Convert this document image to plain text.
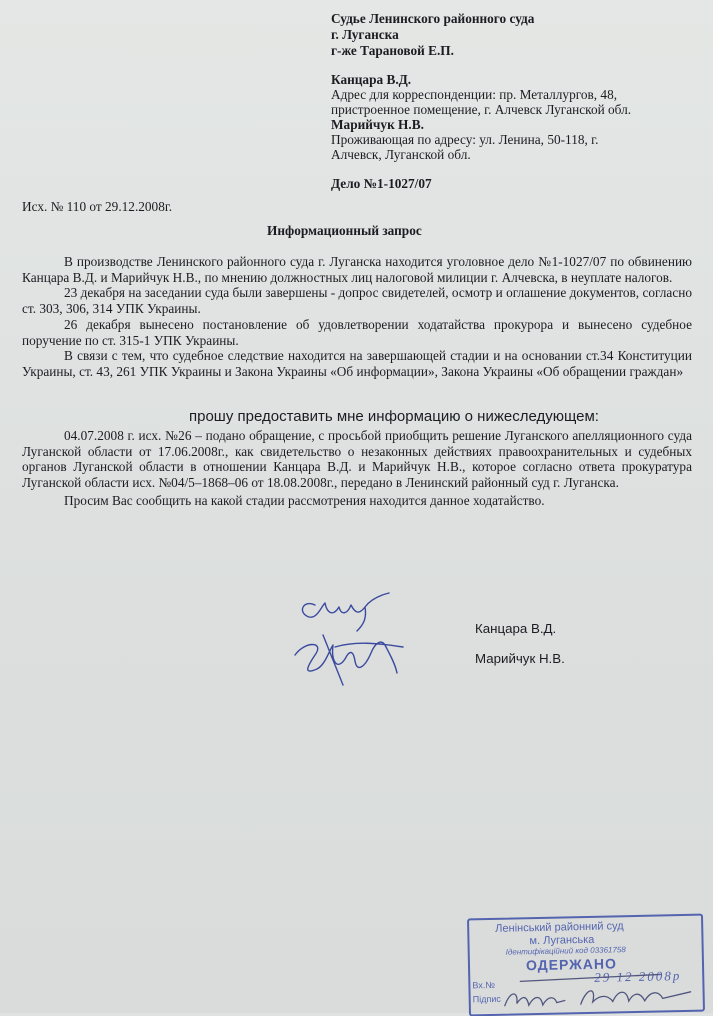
Судье Ленинского районного суда
г. Луганска
г-же Тарановой Е.П.
Канцара В.Д.
Адрес для корреспонденции: пр. Металлургов, 48,
пристроенное помещение, г. Алчевск Луганской обл.
Марийчук Н.В.
Проживающая по адресу: ул. Ленина, 50-118, г.
Алчевск, Луганской обл.
Дело №1-1027/07
Исх. № 110 от 29.12.2008г.
Информационный запрос

В производстве Ленинского районного суда г. Луганска находится уголовное дело №1-1027/07 по обвинению Канцара В.Д. и Марийчук Н.В., по мнению должностных лиц налоговой милиции г. Алчевска, в неуплате налогов.

23 декабря на заседании суда были завершены - допрос свидетелей, осмотр и оглашение документов, согласно ст. 303, 306, 314 УПК Украины.

26 декабря вынесено постановление об удовлетворении ходатайства прокурора и вынесено судебное поручение по ст. 315-1 УПК Украины.

В связи с тем, что судебное следствие находится на завершающей стадии и на основании ст.34 Конституции Украины, ст. 43, 261 УПК Украины и Закона Украины «Об информации», Закона Украины «Об обращении граждан»

прошу предоставить мне информацию о нижеследующем:

04.07.2008 г. исх. №26 – подано обращение, с просьбой приобщить решение Луганского апелляционного суда Луганской области от 17.06.2008г., как свидетельство о незаконных действиях правоохранительных и судебных органов Луганской области в отношении Канцара В.Д. и Марийчук Н.В., которое согласно ответа прокуратура Луганской области исх. №04/5–1868–06 от 18.08.2008г., передано в Ленинский районный суд г. Луганска.

Просим Вас сообщить на какой стадии рассмотрения находится данное ходатайство.

Канцара В.Д.
Марийчук Н.В.
Ленінський районний суд
м. Луганська
Ідентифікаційний код 03361758
ОДЕРЖАНО
Вх.№
29 12 2008р
Підпис
